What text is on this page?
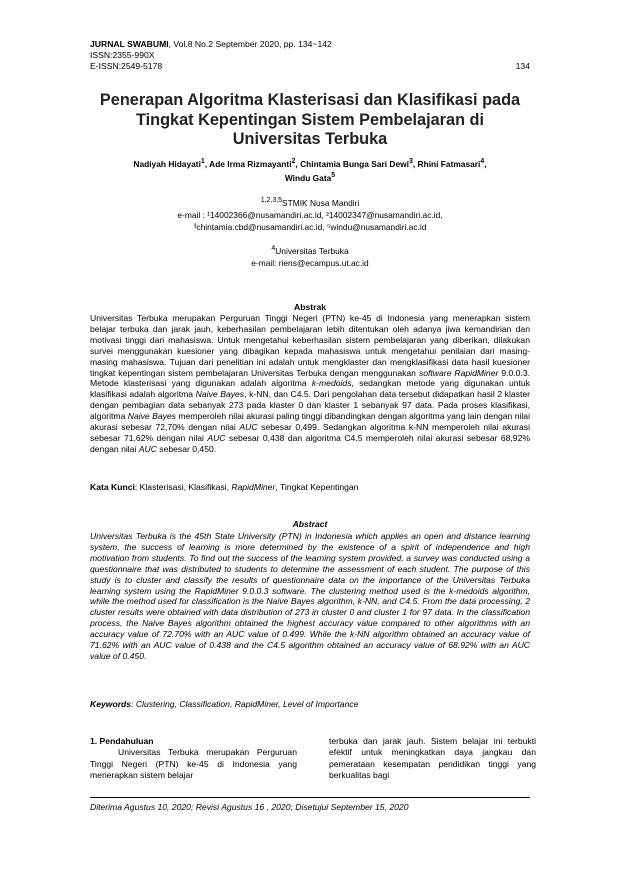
JURNAL SWABUMI, Vol.8 No.2 September 2020, pp. 134~142
ISSN:2355-990X
E-ISSN:2549-5178	134
Penerapan Algoritma Klasterisasi dan Klasifikasi pada Tingkat Kepentingan Sistem Pembelajaran di Universitas Terbuka
Nadiyah Hidayati$^1$, Ade Irma Rizmayanti$^2$, Chintamia Bunga Sari Dewi$^3$, Rhini Fatmasari$^4$,
Windu Gata$^5$
$^{1,2,3,5}$STMIK Nusa Mandiri
e-mail : ¹14002366@nusamandiri.ac.id, ²14002347@nusamandiri.ac.id,
³chintamia.cbd@nusamandiri.ac.id, ⁵windu@nusamandiri.ac.id
$^4$Universitas Terbuka
e-mail: riens@ecampus.ut.ac.id
Abstrak
Universitas Terbuka merupakan Perguruan Tinggi Negeri (PTN) ke-45 di Indonesia yang menerapkan sistem belajar terbuka dan jarak jauh, keberhasilan pembelajaran lebih ditentukan oleh adanya jiwa kemandirian dan motivasi tinggi dari mahasiswa. Untuk mengetahui keberhasilan sistem pembelajaran yang diberikan, dilakukan survei menggunakan kuesioner yang dibagikan kepada mahasiswa untuk mengetahui penilaian dari masing-masing mahasiswa. Tujuan dari penelitian ini adalah untuk mengklaster dan mengklasifikasi data hasil kuesioner tingkat kepentingan sistem pembelajaran Universitas Terbuka dengan menggunakan software RapidMiner 9.0.0.3. Metode klasterisasi yang digunakan adalah algoritma k-medoids, sedangkan metode yang digunakan untuk klasifikasi adalah algoritma Naive Bayes, k-NN, dan C4.5. Dari pengolahan data tersebut didapatkan hasil 2 klaster dengan pembagian data sebanyak 273 pada klaster 0 dan klaster 1 sebanyak 97 data. Pada proses klasifikasi, algoritma Naive Bayes memperoleh nilai akurasi paling tinggi dibandingkan dengan algoritma yang lain dengan nilai akurasi sebesar 72,70% dengan nilai AUC sebesar 0,499. Sedangkan algoritma k-NN memperoleh nilai akurasi sebesar 71,62% dengan nilai AUC sebesar 0,438 dan algoritma C4.5 memperoleh nilai akurasi sebesar 68,92% dengan nilai AUC sebesar 0,450.
Kata Kunci: Klasterisasi, Klasifikasi, RapidMiner, Tingkat Kepentingan
Abstract
Universitas Terbuka is the 45th State University (PTN) in Indonesia which applies an open and distance learning system, the success of learning is more determined by the existence of a spirit of independence and high motivation from students. To find out the success of the learning system provided, a survey was conducted using a questionnaire that was distributed to students to determine the assessment of each student. The purpose of this study is to cluster and classify the results of questionnaire data on the importance of the Universitas Terbuka learning system using the RapidMiner 9.0.0.3 software. The clustering method used is the k-medoids algorithm, while the method used for classification is the Naive Bayes algorithm, k-NN, and C4.5. From the data processing, 2 cluster results were obtained with data distribution of 273 in cluster 0 and cluster 1 for 97 data. In the classification process, the Naive Bayes algorithm obtained the highest accuracy value compared to other algorithms with an accuracy value of 72.70% with an AUC value of 0.499. While the k-NN algorithm obtained an accuracy value of 71.62% with an AUC value of 0.438 and the C4.5 algorithm obtained an accuracy value of 68.92% with an AUC value of 0.450.
Keywords: Clustering, Classification, RapidMiner, Level of Importance
1. Pendahuluan
Universitas Terbuka merupakan Perguruan Tinggi Negeri (PTN) ke-45 di Indonesia yang menerapkan sistem belajar
terbuka dan jarak jauh. Sistem belajar ini terbukti efektif untuk meningkatkan daya jangkau dan pemerataan kesempatan pendidikan tinggi yang berkualitas bagi
Diterima Agustus 10, 2020; Revisi Agustus 16 , 2020; Disetujui September 15, 2020
